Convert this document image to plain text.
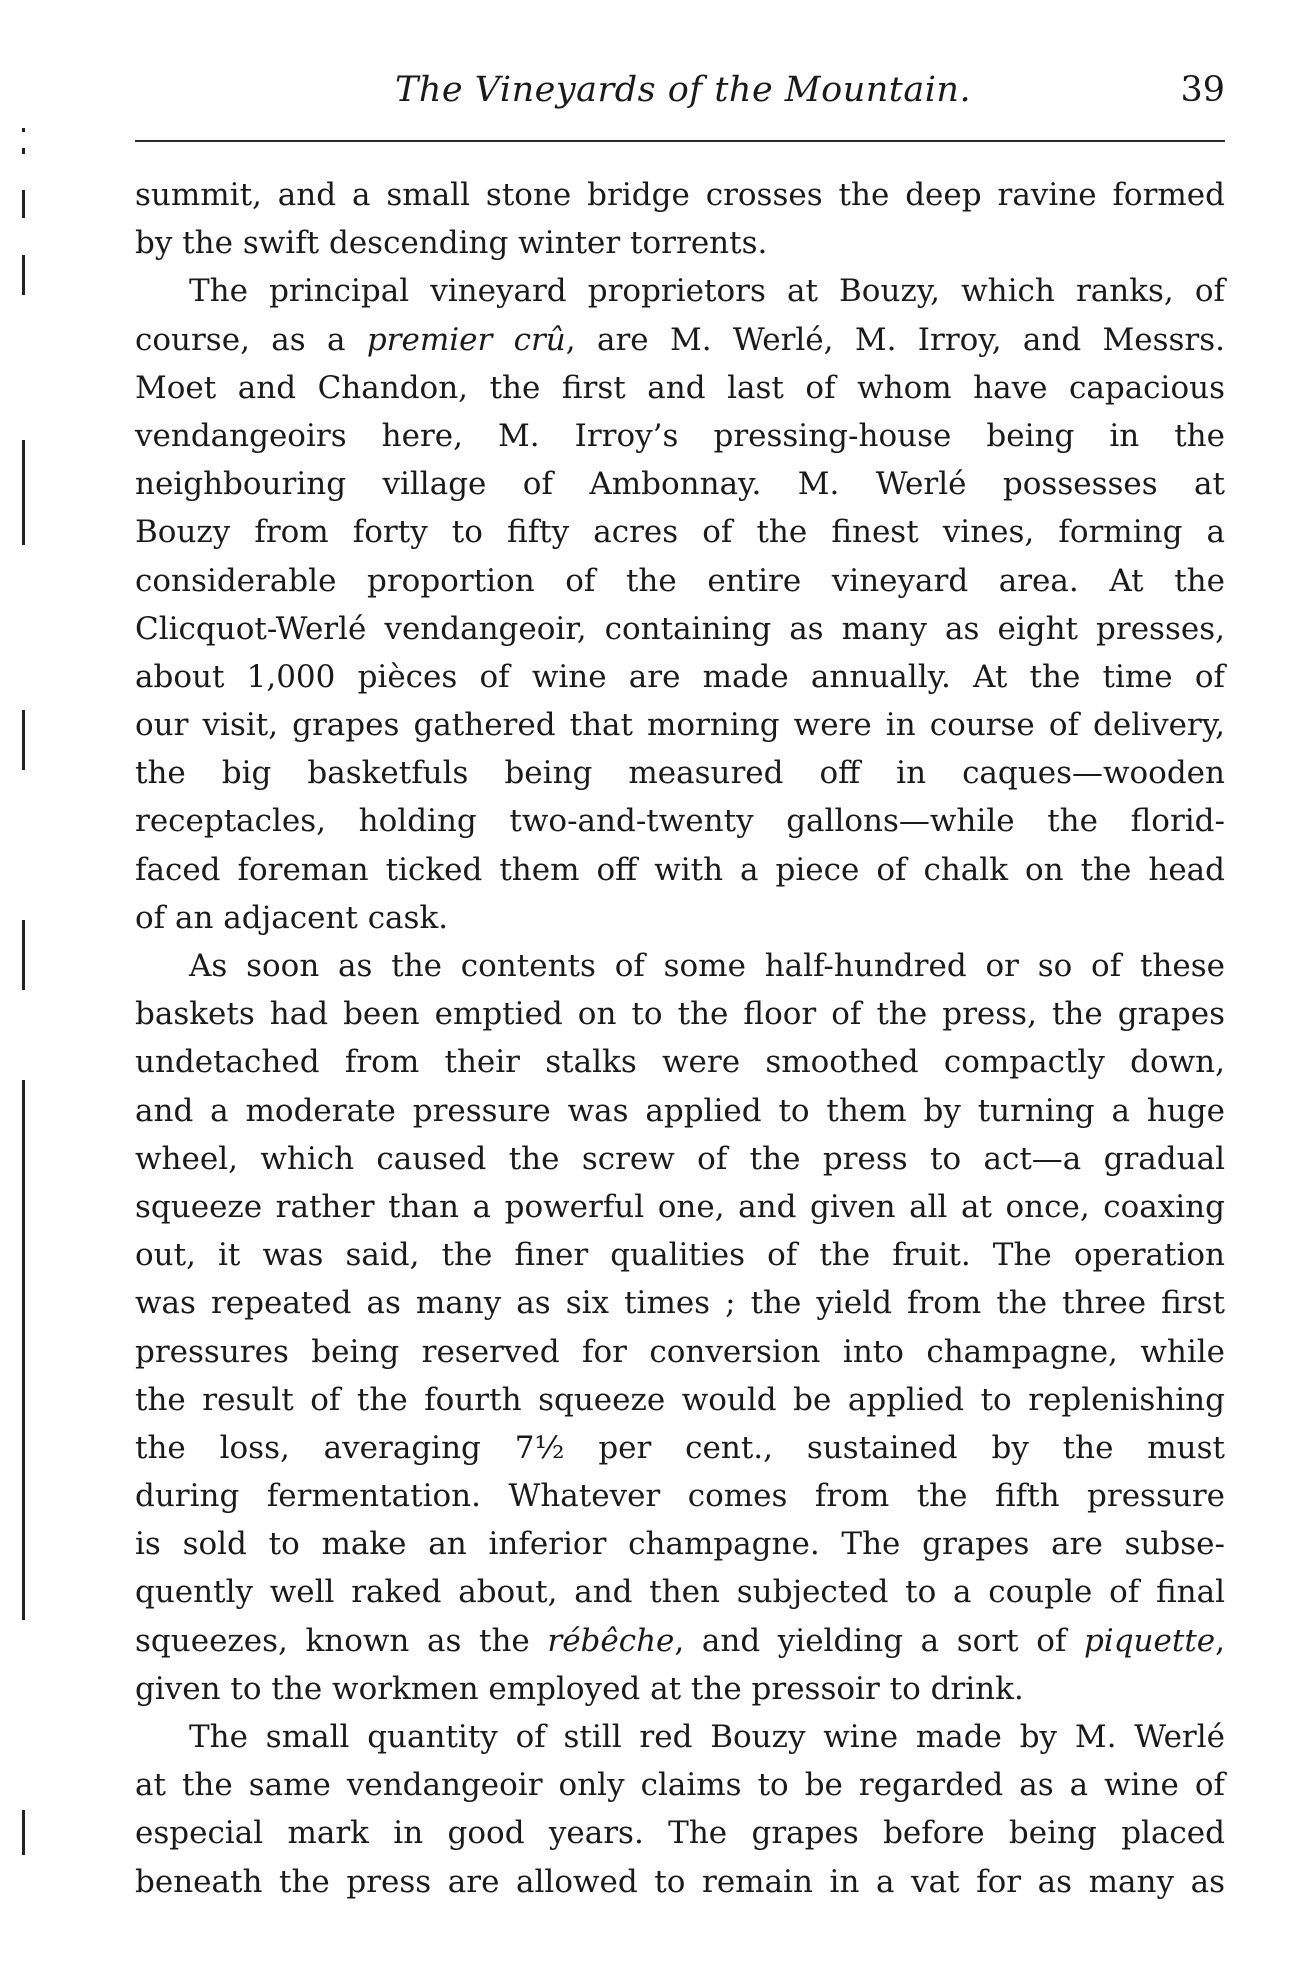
The Vineyards of the Mountain.	39
summit, and a small stone bridge crosses the deep ravine formed
by the swift descending winter torrents.
The principal vineyard proprietors at Bouzy, which ranks, of
course, as a premier crû, are M. Werlé, M. Irroy, and Messrs.
Moet and Chandon, the first and last of whom have capacious
vendangeoirs here, M. Irroy’s pressing-house being in the
neighbouring village of Ambonnay. M. Werlé possesses at
Bouzy from forty to fifty acres of the finest vines, forming a
considerable proportion of the entire vineyard area. At the
Clicquot-Werlé vendangeoir, containing as many as eight presses,
about 1,000 pièces of wine are made annually. At the time of
our visit, grapes gathered that morning were in course of delivery,
the big basketfuls being measured off in caques—wooden
receptacles, holding two-and-twenty gallons—while the florid-
faced foreman ticked them off with a piece of chalk on the head
of an adjacent cask.
As soon as the contents of some half-hundred or so of these
baskets had been emptied on to the floor of the press, the grapes
undetached from their stalks were smoothed compactly down,
and a moderate pressure was applied to them by turning a huge
wheel, which caused the screw of the press to act—a gradual
squeeze rather than a powerful one, and given all at once, coaxing
out, it was said, the finer qualities of the fruit. The operation
was repeated as many as six times ; the yield from the three first
pressures being reserved for conversion into champagne, while
the result of the fourth squeeze would be applied to replenishing
the loss, averaging 7½ per cent., sustained by the must
during fermentation. Whatever comes from the fifth pressure
is sold to make an inferior champagne. The grapes are subse-
quently well raked about, and then subjected to a couple of final
squeezes, known as the rébêche, and yielding a sort of piquette,
given to the workmen employed at the pressoir to drink.
The small quantity of still red Bouzy wine made by M. Werlé
at the same vendangeoir only claims to be regarded as a wine of
especial mark in good years. The grapes before being placed
beneath the press are allowed to remain in a vat for as many as
